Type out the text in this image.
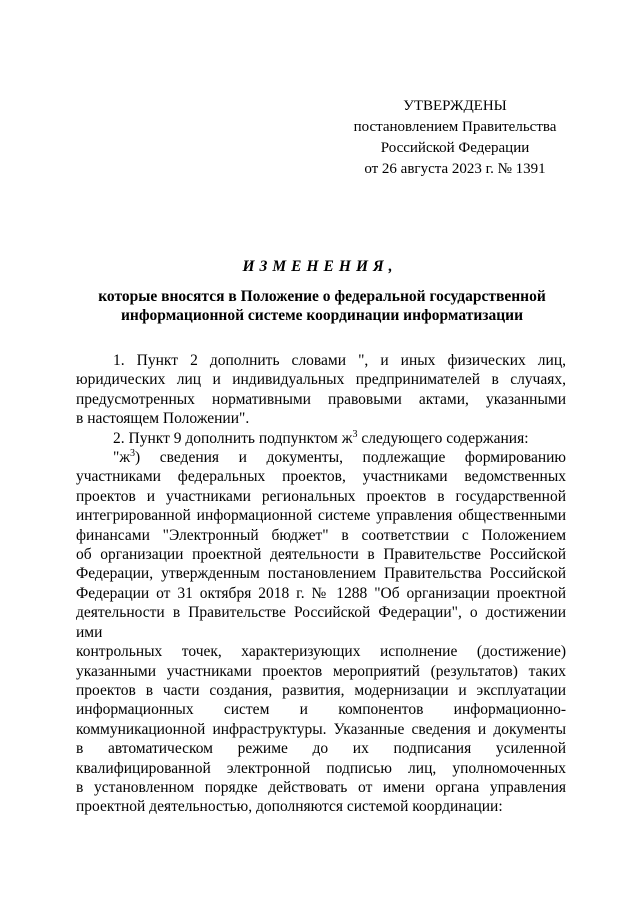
УТВЕРЖДЕНЫ
постановлением Правительства
Российской Федерации
от 26 августа 2023 г. № 1391
ИЗМЕНЕНИЯ,
которые вносятся в Положение о федеральной государственной
информационной системе координации информатизации
1. Пункт 2 дополнить словами ", и иных физических лиц,
юридических лиц и индивидуальных предпринимателей в случаях,
предусмотренных нормативными правовыми актами, указанными
в настоящем Положении".
2. Пункт 9 дополнить подпунктом $ж^3$ следующего содержания:
"$ж^3$) сведения и документы, подлежащие формированию
участниками федеральных проектов, участниками ведомственных
проектов и участниками региональных проектов в государственной
интегрированной информационной системе управления общественными
финансами "Электронный бюджет" в соответствии с Положением
об организации проектной деятельности в Правительстве Российской
Федерации, утвержденным постановлением Правительства Российской
Федерации от 31 октября 2018 г. № 1288 "Об организации проектной
деятельности в Правительстве Российской Федерации", о достижении ими
контрольных точек, характеризующих исполнение (достижение)
указанными участниками проектов мероприятий (результатов) таких
проектов в части создания, развития, модернизации и эксплуатации
информационных систем и компонентов информационно-
коммуникационной инфраструктуры. Указанные сведения и документы
в автоматическом режиме до их подписания усиленной
квалифицированной электронной подписью лиц, уполномоченных
в установленном порядке действовать от имени органа управления
проектной деятельностью, дополняются системой координации:
